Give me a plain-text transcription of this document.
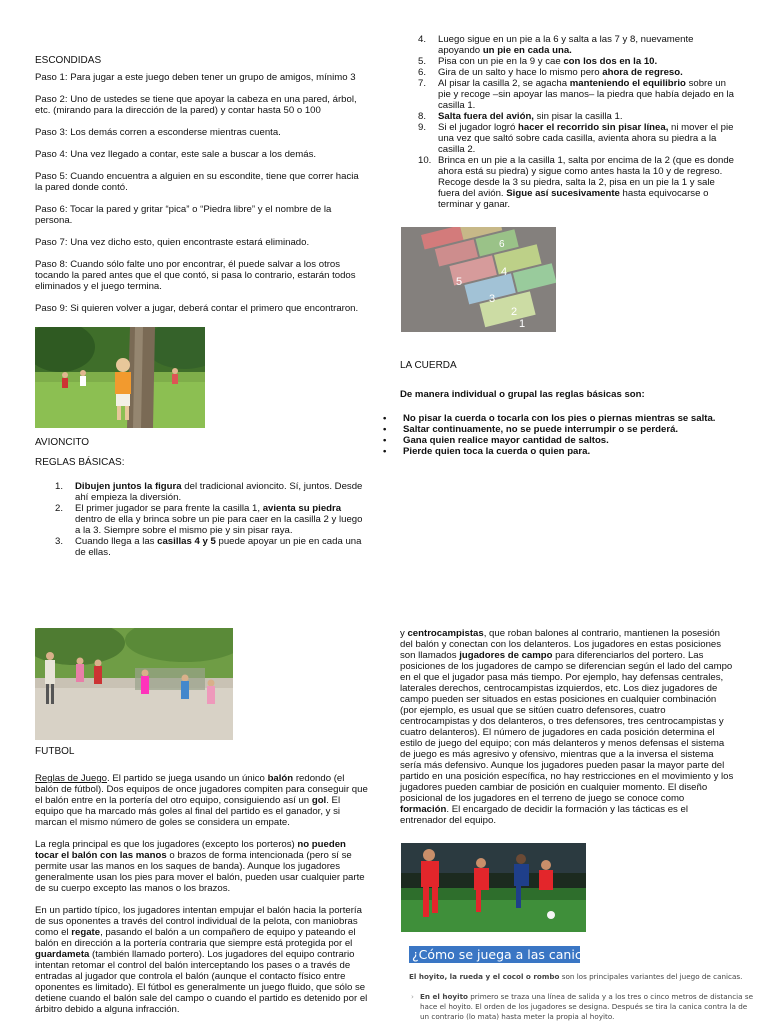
ESCONDIDAS

Paso 1: Para jugar a este juego deben tener un grupo de amigos, mínimo 3

Paso 2: Uno de ustedes se tiene que apoyar la cabeza en una pared, árbol, etc. (mirando para la dirección de la pared) y contar hasta 50 o 100

Paso 3: Los demás corren a esconderse mientras cuenta.

Paso 4: Una vez llegado a contar, este sale a buscar a los demás.

Paso 5: Cuando encuentra a alguien en su escondite, tiene que correr hacia la pared donde contó.

Paso 6: Tocar la pared y gritar “pica” o “Piedra libre” y el nombre de la persona.

Paso 7: Una vez dicho esto, quien encontraste estará eliminado.

Paso 8: Cuando sólo falte uno por encontrar, él puede salvar a los otros tocando la pared antes que el que contó, si pasa lo contrario, estarán todos eliminados y el juego termina.

Paso 9: Si quieren volver a jugar, deberá contar el primero que encontraron.

AVIONCITO

REGLAS BÁSICAS:

1. Dibujen juntos la figura del tradicional avioncito. Sí, juntos. Desde ahí empieza la diversión.
2. El primer jugador se para frente la casilla 1, avienta su piedra dentro de ella y brinca sobre un pie para caer en la casilla 2 y luego a la 3. Siempre sobre el mismo pie y sin pisar raya.
3. Cuando llega a las casillas 4 y 5 puede apoyar un pie en cada una de ellas.
4. Luego sigue en un pie a la 6 y salta a las 7 y 8, nuevamente apoyando un pie en cada una.
5. Pisa con un pie en la 9 y cae con los dos en la 10.
6. Gira de un salto y hace lo mismo pero ahora de regreso.
7. Al pisar la casilla 2, se agacha manteniendo el equilibrio sobre un pie y recoge –sin apoyar las manos– la piedra que había dejado en la casilla 1.
8. Salta fuera del avión, sin pisar la casilla 1.
9. Si el jugador logró hacer el recorrido sin pisar línea, ni mover el pie una vez que saltó sobre cada casilla, avienta ahora su piedra a la casilla 2.
10. Brinca en un pie a la casilla 1, salta por encima de la 2 (que es donde ahora está su piedra) y sigue como antes hasta la 10 y de regreso. Recoge desde la 3 su piedra, salta la 2, pisa en un pie la 1 y sale fuera del avión. Sigue así sucesivamente hasta equivocarse o terminar y ganar.
6
5
4
3
2
1

LA CUERDA

De manera individual o grupal las reglas básicas son:

• No pisar la cuerda o tocarla con los pies o piernas mientras se salta.
• Saltar continuamente, no se puede interrumpir o se perderá.
• Gana quien realice mayor cantidad de saltos.
• Pierde quien toca la cuerda o quien para.

FUTBOL

Reglas de Juego. El partido se juega usando un único balón redondo (el balón de fútbol). Dos equipos de once jugadores compiten para conseguir que el balón entre en la portería del otro equipo, consiguiendo así un gol. El equipo que ha marcado más goles al final del partido es el ganador, y si marcan el mismo número de goles se considera un empate.

La regla principal es que los jugadores (excepto los porteros) no pueden tocar el balón con las manos o brazos de forma intencionada (pero sí se permite usar las manos en los saques de banda). Aunque los jugadores generalmente usan los pies para mover el balón, pueden usar cualquier parte de su cuerpo excepto las manos o los brazos.

En un partido típico, los jugadores intentan empujar el balón hacia la portería de sus oponentes a través del control individual de la pelota, con maniobras como el regate, pasando el balón a un compañero de equipo y pateando el balón en dirección a la portería contraria que siempre está protegida por el guardameta (también llamado portero). Los jugadores del equipo contrario intentan retomar el control del balón interceptando los pases o a través de entradas al jugador que controla el balón (aunque el contacto físico entre oponentes es limitado). El fútbol es generalmente un juego fluido, que sólo se detiene cuando el balón sale del campo o cuando el partido es detenido por el árbitro debido a alguna infracción.

y centrocampistas, que roban balones al contrario, mantienen la posesión del balón y conectan con los delanteros. Los jugadores en estas posiciones son llamados jugadores de campo para diferenciarlos del portero. Las posiciones de los jugadores de campo se diferencian según el lado del campo en el que el jugador pasa más tiempo. Por ejemplo, hay defensas centrales, laterales derechos, centrocampistas izquierdos, etc. Los diez jugadores de campo pueden ser situados en estas posiciones en cualquier combinación (por ejemplo, es usual que se sitúen cuatro defensores, cuatro centrocampistas y dos delanteros, o tres defensores, tres centrocampistas y cuatro delanteros). El número de jugadores en cada posición determina el estilo de juego del equipo; con más delanteros y menos defensas el sistema de juego es más agresivo y ofensivo, mientras que a la inversa el sistema sería más defensivo. Aunque los jugadores pueden pasar la mayor parte del partido en una posición específica, no hay restricciones en el movimiento y los jugadores pueden cambiar de posición en cualquier momento. El diseño posicional de los jugadores en el terreno de juego se conoce como formación. El encargado de decidir la formación y las tácticas es el entrenador del equipo.

¿Cómo se juega a las canicas?

El hoyito, la rueda y el cocol o rombo son los principales variantes del juego de canicas.

› En el hoyito primero se traza una línea de salida y a los tres o cinco metros de distancia se hace el hoyito. El orden de los jugadores se designa. Después se tira la canica contra la de un contrario (lo mata) hasta meter la propia al hoyito.
